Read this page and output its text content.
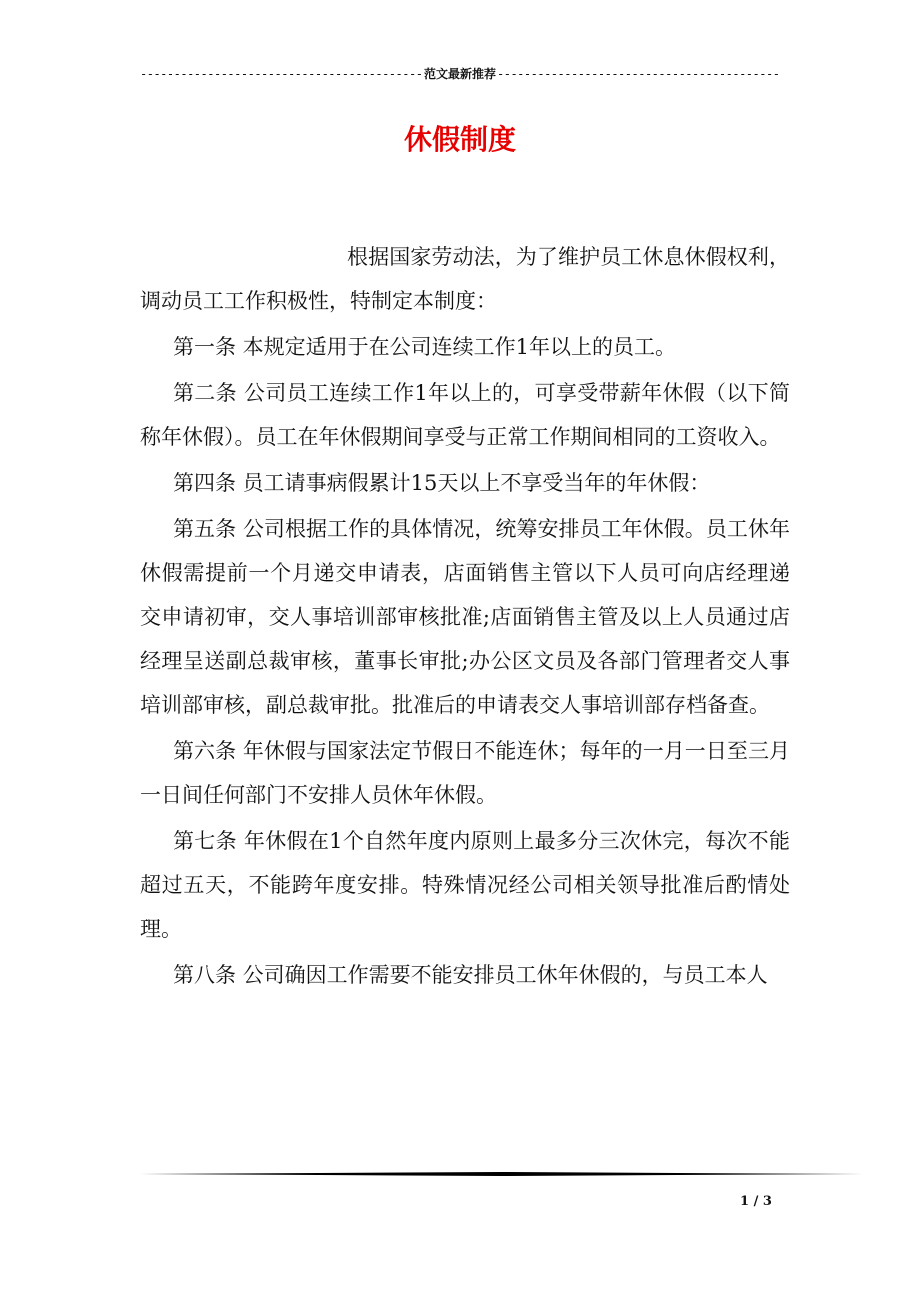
-----
范文最新推荐
-----
休假制度

根据国家劳动法，为了维护员工休息休假权利，调动员工工作积极性，特制定本制度：

第一条 本规定适用于在公司连续工作1年以上的员工。

第二条 公司员工连续工作1年以上的，可享受带薪年休假（以下简称年休假）。员工在年休假期间享受与正常工作期间相同的工资收入。

第四条 员工请事病假累计15天以上不享受当年的年休假：

第五条 公司根据工作的具体情况，统筹安排员工年休假。员工休年休假需提前一个月递交申请表，店面销售主管以下人员可向店经理递交申请初审，交人事培训部审核批准;店面销售主管及以上人员通过店经理呈送副总裁审核，董事长审批;办公区文员及各部门管理者交人事培训部审核，副总裁审批。批准后的申请表交人事培训部存档备查。

第六条 年休假与国家法定节假日不能连休；每年的一月一日至三月一日间任何部门不安排人员休年休假。

第七条 年休假在1个自然年度内原则上最多分三次休完，每次不能超过五天，不能跨年度安排。特殊情况经公司相关领导批准后酌情处理。

第八条 公司确因工作需要不能安排员工休年休假的，与员工本人

1 / 3
